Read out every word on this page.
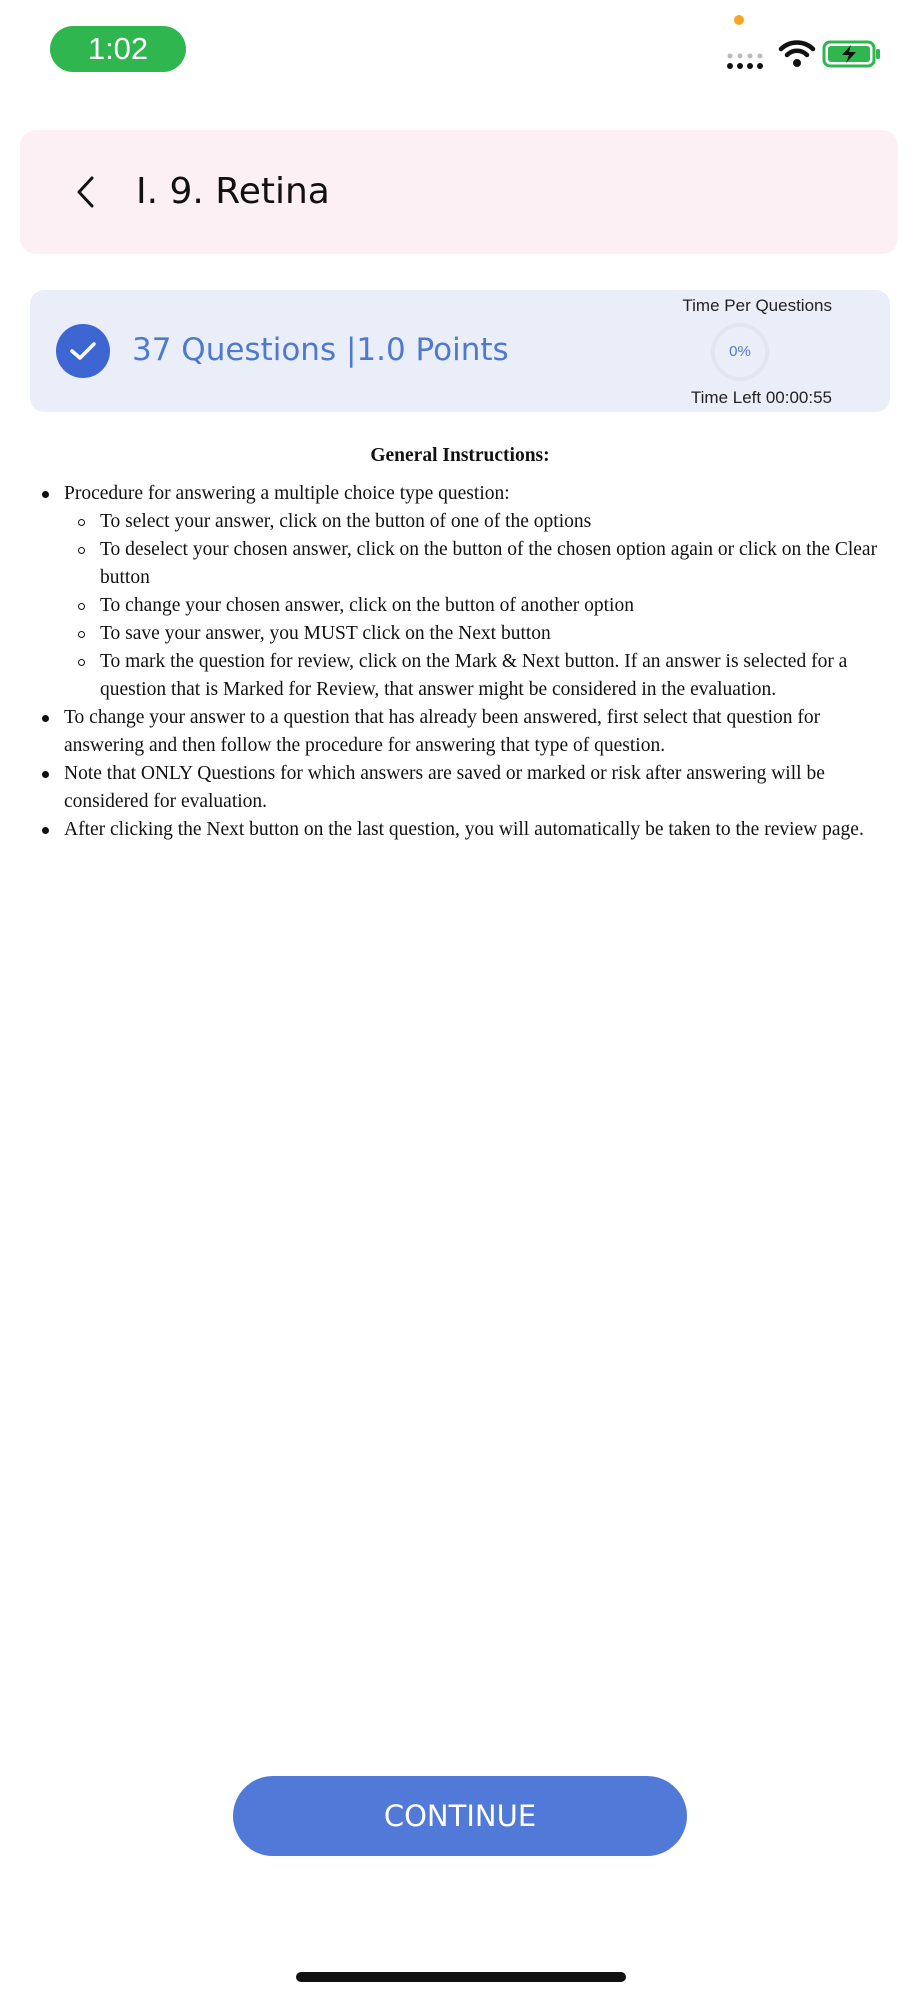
1:02
I. 9. Retina
37 Questions |1.0 Points
Time Per Questions
0%
Time Left 00:00:55
General Instructions:
Procedure for answering a multiple choice type question:
To select your answer, click on the button of one of the options
To deselect your chosen answer, click on the button of the chosen option again or click on the Clear button
To change your chosen answer, click on the button of another option
To save your answer, you MUST click on the Next button
To mark the question for review, click on the Mark & Next button. If an answer is selected for a question that is Marked for Review, that answer might be considered in the evaluation.
To change your answer to a question that has already been answered, first select that question for answering and then follow the procedure for answering that type of question.
Note that ONLY Questions for which answers are saved or marked or risk after answering will be considered for evaluation.
After clicking the Next button on the last question, you will automatically be taken to the review page.
CONTINUE
